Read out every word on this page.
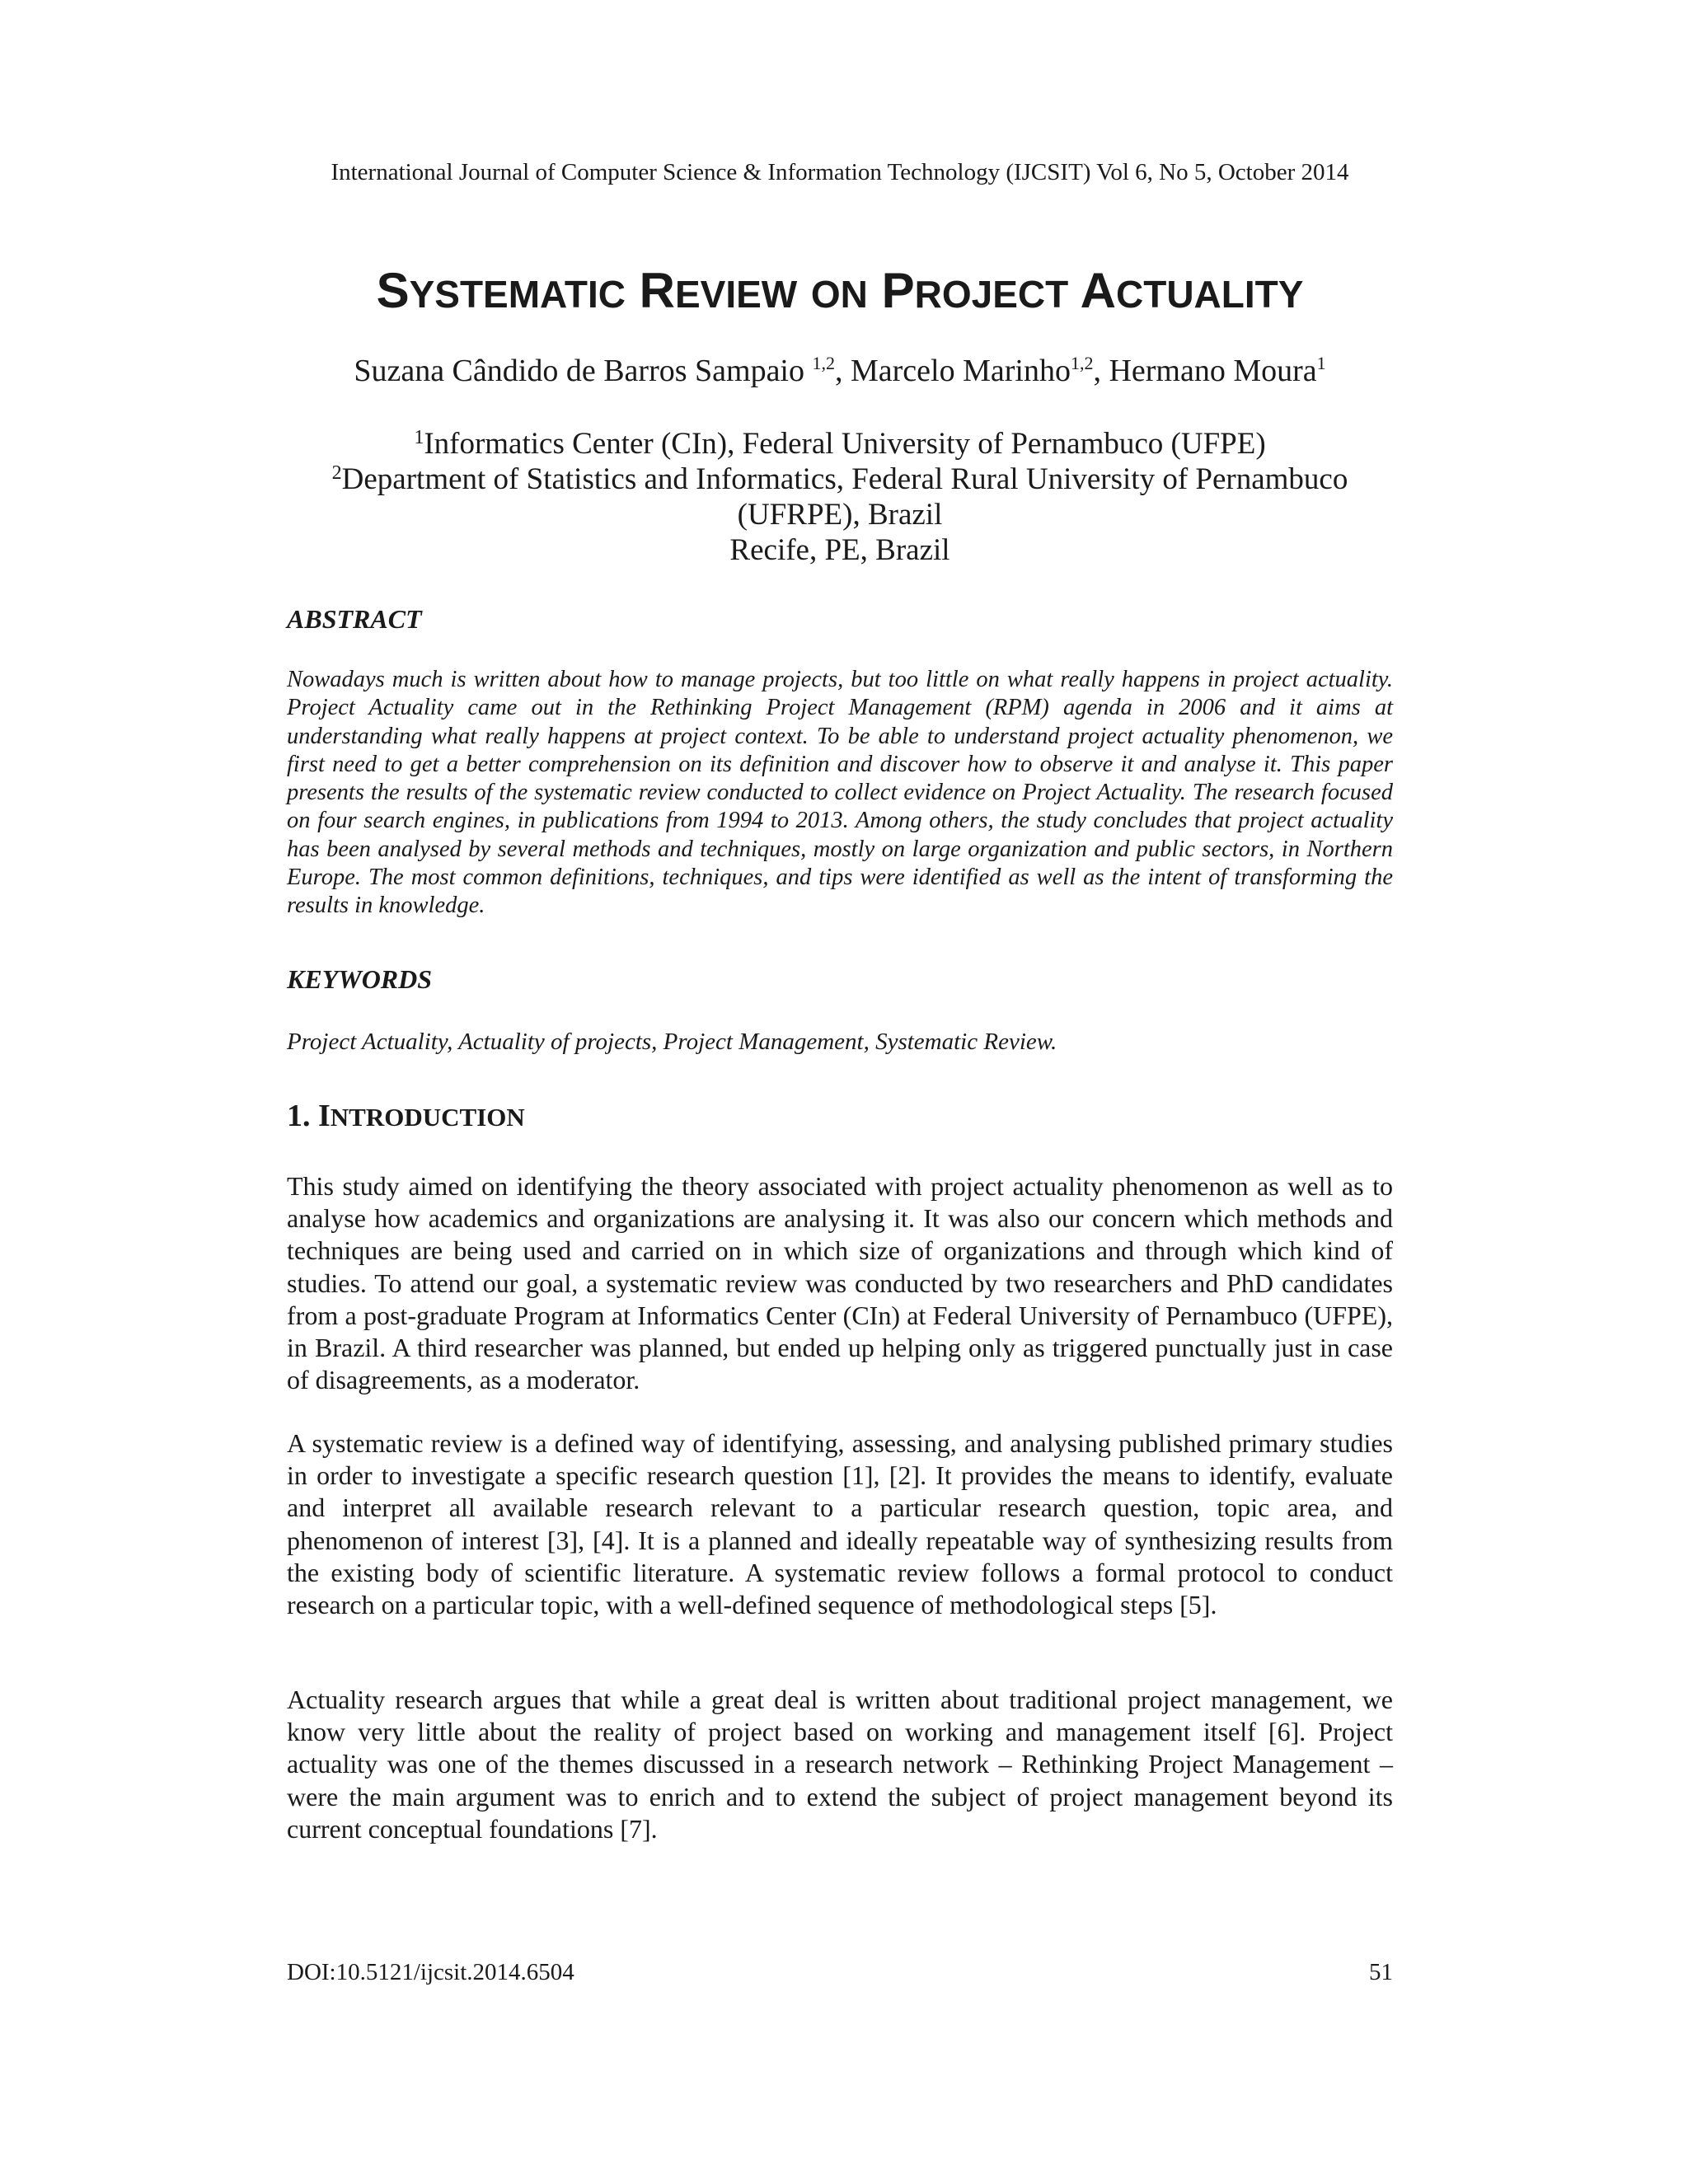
International Journal of Computer Science & Information Technology (IJCSIT) Vol 6, No 5, October 2014
SYSTEMATIC REVIEW ON PROJECT ACTUALITY
Suzana Cândido de Barros Sampaio $^{1,2}$, Marcelo Marinho$^{1,2}$, Hermano Moura$^1$
$^1$Informatics Center (CIn), Federal University of Pernambuco (UFPE)
$^2$Department of Statistics and Informatics, Federal Rural University of Pernambuco
(UFRPE), Brazil
Recife, PE, Brazil
ABSTRACT
Nowadays much is written about how to manage projects, but too little on what really happens in project actuality. Project Actuality came out in the Rethinking Project Management (RPM) agenda in 2006 and it aims at understanding what really happens at project context. To be able to understand project actuality phenomenon, we first need to get a better comprehension on its definition and discover how to observe it and analyse it. This paper presents the results of the systematic review conducted to collect evidence on Project Actuality. The research focused on four search engines, in publications from 1994 to 2013. Among others, the study concludes that project actuality has been analysed by several methods and techniques, mostly on large organization and public sectors, in Northern Europe. The most common definitions, techniques, and tips were identified as well as the intent of transforming the results in knowledge.
KEYWORDS
Project Actuality, Actuality of projects, Project Management, Systematic Review.
1. INTRODUCTION
This study aimed on identifying the theory associated with project actuality phenomenon as well as to analyse how academics and organizations are analysing it. It was also our concern which methods and techniques are being used and carried on in which size of organizations and through which kind of studies. To attend our goal, a systematic review was conducted by two researchers and PhD candidates from a post-graduate Program at Informatics Center (CIn) at Federal University of Pernambuco (UFPE), in Brazil. A third researcher was planned, but ended up helping only as triggered punctually just in case of disagreements, as a moderator.
A systematic review is a defined way of identifying, assessing, and analysing published primary studies in order to investigate a specific research question [1], [2]. It provides the means to identify, evaluate and interpret all available research relevant to a particular research question, topic area, and phenomenon of interest [3], [4]. It is a planned and ideally repeatable way of synthesizing results from the existing body of scientific literature. A systematic review follows a formal protocol to conduct research on a particular topic, with a well-defined sequence of methodological steps [5].
Actuality research argues that while a great deal is written about traditional project management, we know very little about the reality of project based on working and management itself [6]. Project actuality was one of the themes discussed in a research network – Rethinking Project Management – were the main argument was to enrich and to extend the subject of project management beyond its current conceptual foundations [7].
DOI:10.5121/ijcsit.2014.6504	51
